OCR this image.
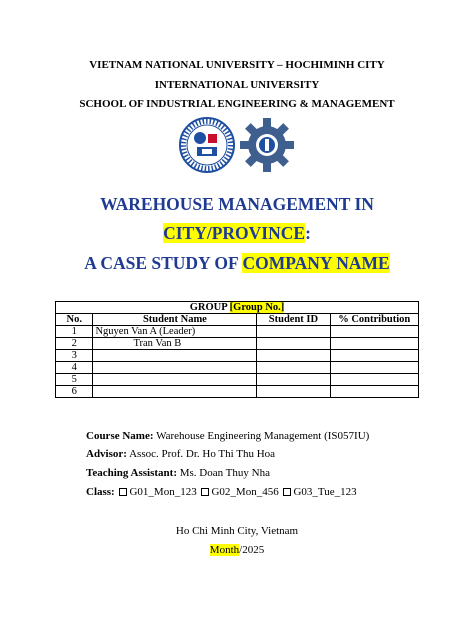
VIETNAM NATIONAL UNIVERSITY – HOCHIMINH CITY
INTERNATIONAL UNIVERSITY
SCHOOL OF INDUSTRIAL ENGINEERING & MANAGEMENT
WAREHOUSE MANAGEMENT IN
CITY/PROVINCE:
A CASE STUDY OF COMPANY NAME
GROUP [Group No.]			
No.	Student Name	Student ID	% Contribution
1	Nguyen Van A (Leader)		
2	Tran Van B		
3			
4			
5			
6			
Course Name: Warehouse Engineering Management (IS057IU)
Advisor: Assoc. Prof. Dr. Ho Thi Thu Hoa
Teaching Assistant: Ms. Doan Thuy Nha
Class: G01_Mon_123 G02_Mon_456 G03_Tue_123
Ho Chi Minh City, Vietnam
Month/2025
